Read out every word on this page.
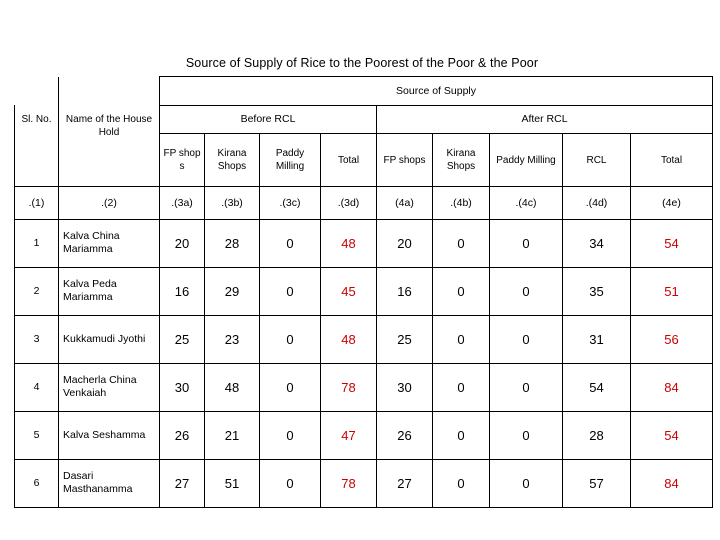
Source of Supply of Rice to the Poorest of the Poor & the Poor
		Source of Supply								
Sl. No.	Name of the House Hold	Before RCL				After RCL				
		FP shop s	Kirana Shops	Paddy Milling	Total	FP shops	Kirana Shops	Paddy Milling	RCL	Total
.(1)	.(2)	.(3a)	.(3b)	.(3c)	.(3d)	(4a)	.(4b)	.(4c)	.(4d)	(4e)
1	Kalva China Mariamma	20	28	0	48	20	0	0	34	54
2	Kalva Peda Mariamma	16	29	0	45	16	0	0	35	51
3	Kukkamudi Jyothi	25	23	0	48	25	0	0	31	56
4	Macherla China Venkaiah	30	48	0	78	30	0	0	54	84
5	Kalva Seshamma	26	21	0	47	26	0	0	28	54
6	Dasari Masthanamma	27	51	0	78	27	0	0	57	84
